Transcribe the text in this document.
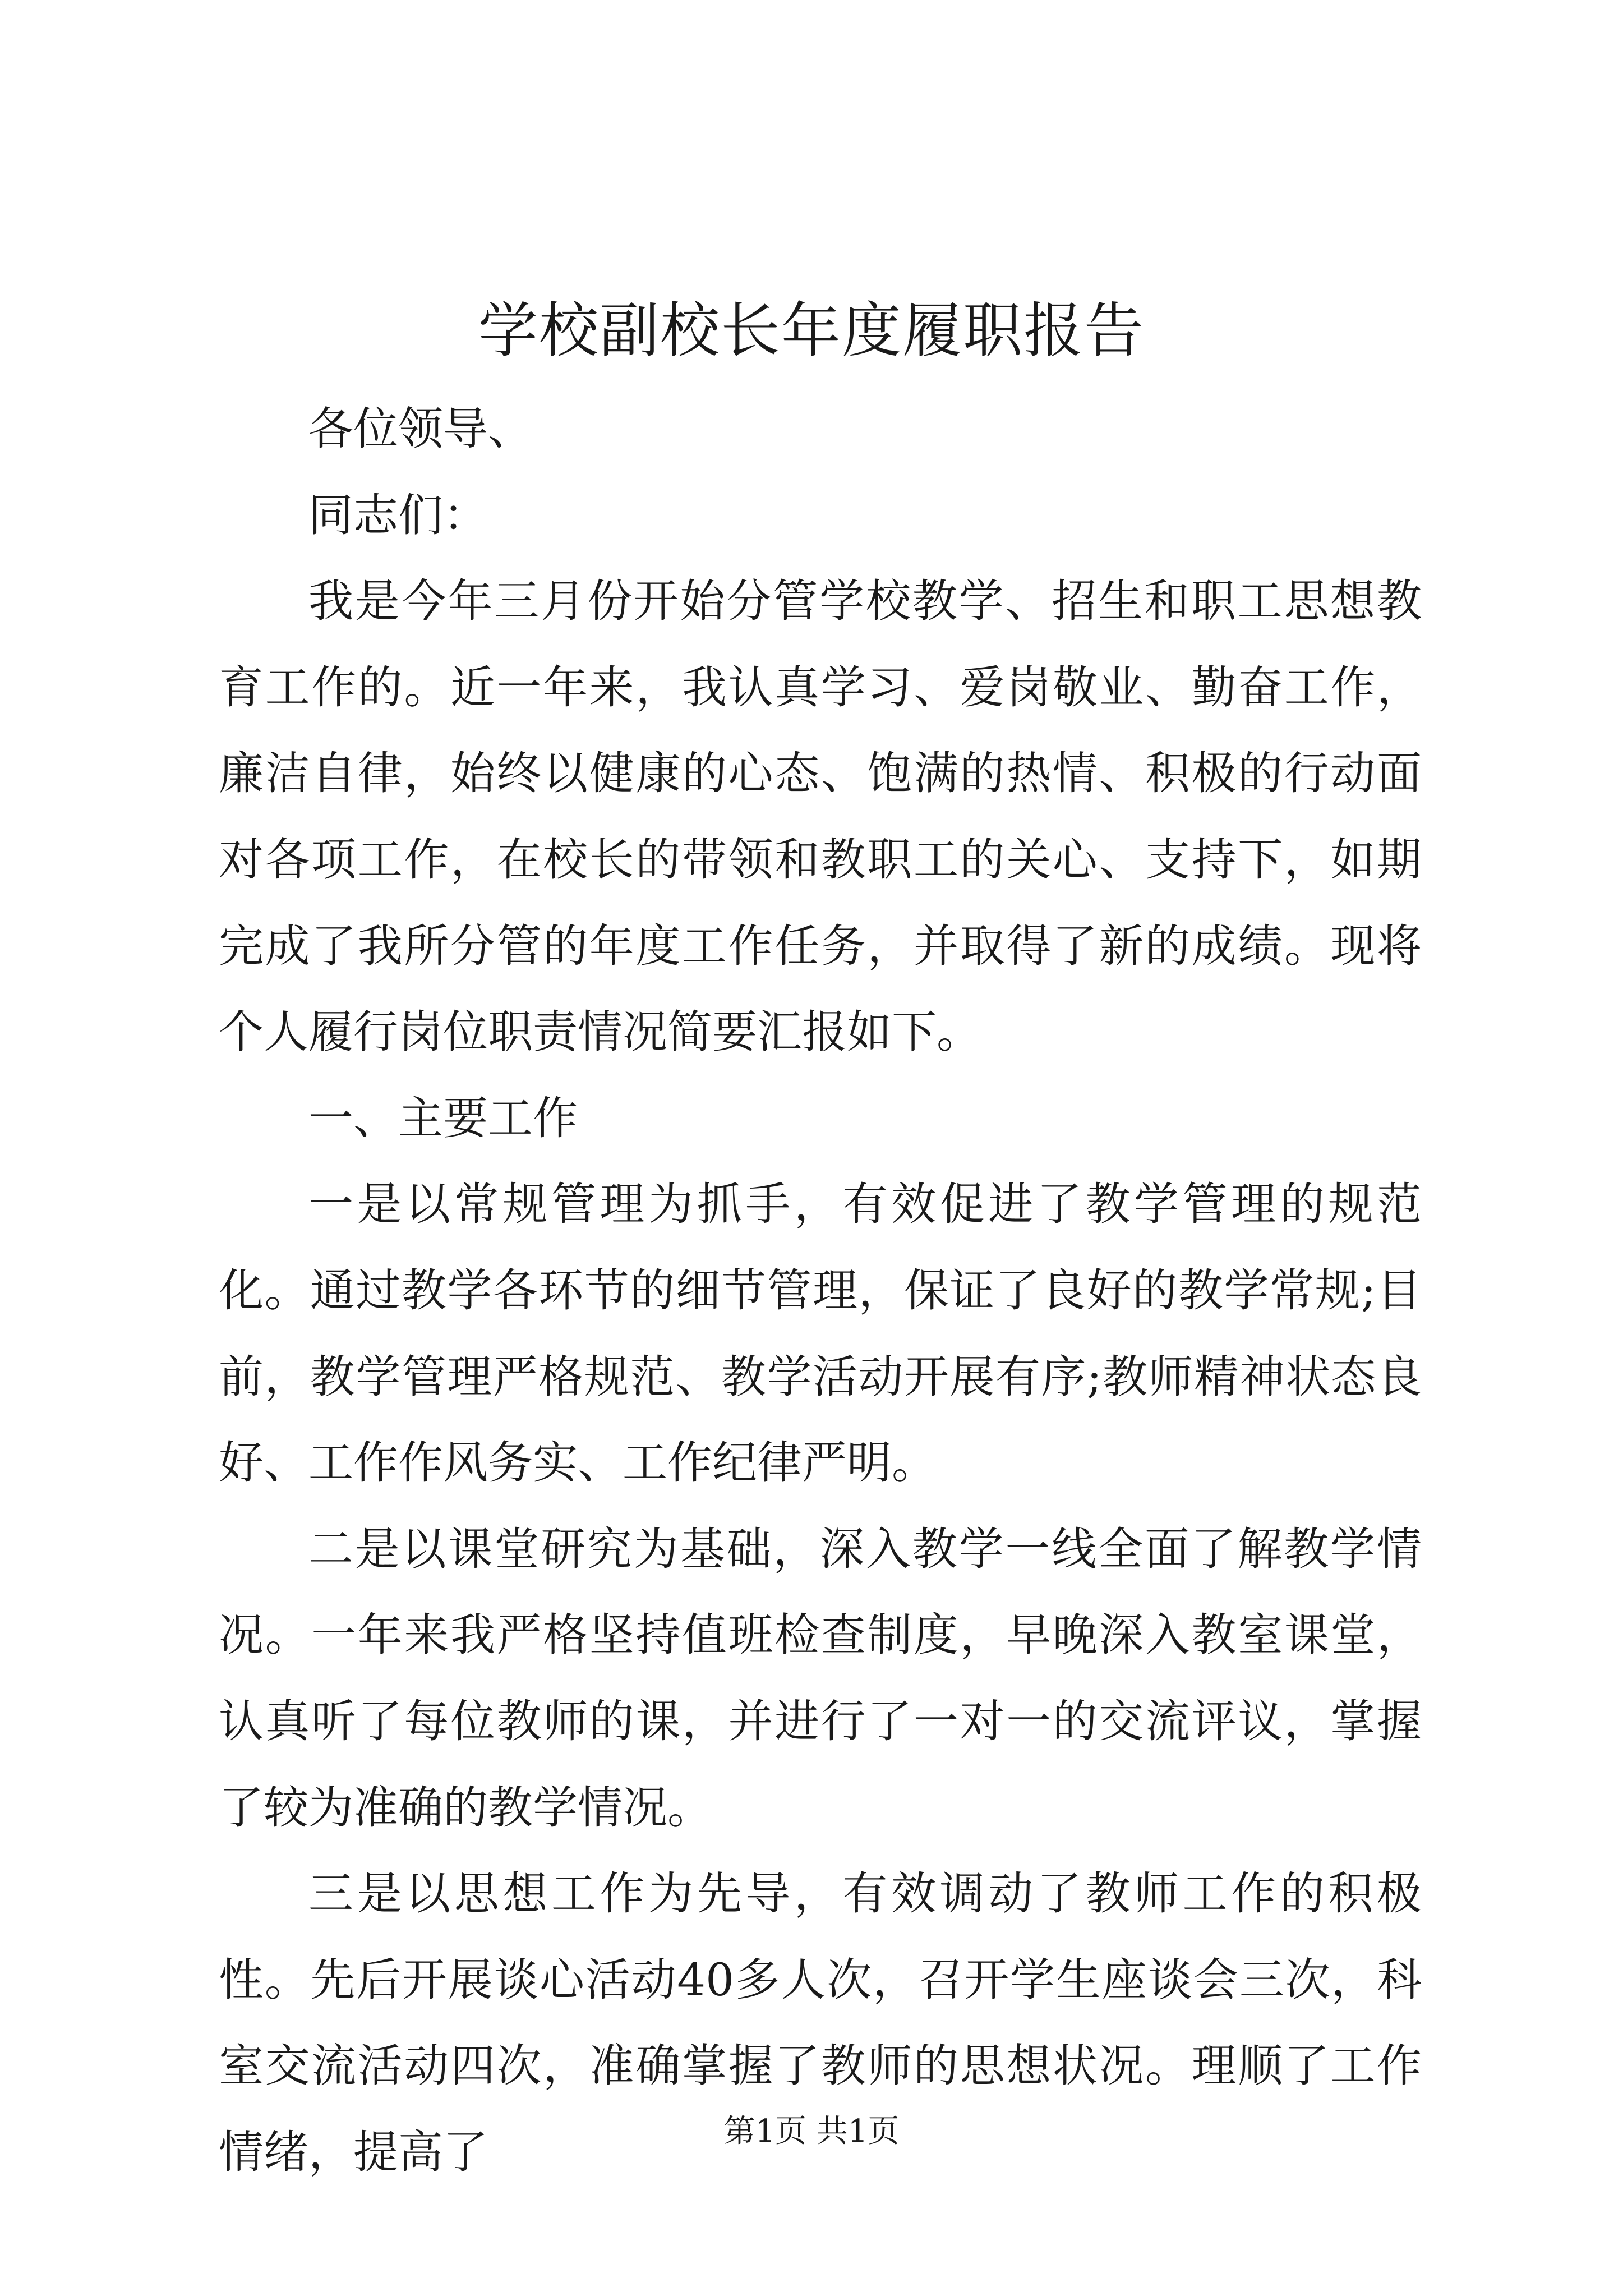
学校副校长年度履职报告

各位领导、

同志们：

我是今年三月份开始分管学校教学、招生和职工思想教育工作的。近一年来，我认真学习、爱岗敬业、勤奋工作，廉洁自律，始终以健康的心态、饱满的热情、积极的行动面对各项工作，在校长的带领和教职工的关心、支持下，如期完成了我所分管的年度工作任务，并取得了新的成绩。现将个人履行岗位职责情况简要汇报如下。

一、主要工作

一是以常规管理为抓手，有效促进了教学管理的规范化。通过教学各环节的细节管理，保证了良好的教学常规;目前，教学管理严格规范、教学活动开展有序;教师精神状态良好、工作作风务实、工作纪律严明。

二是以课堂研究为基础，深入教学一线全面了解教学情况。一年来我严格坚持值班检查制度，早晚深入教室课堂，认真听了每位教师的课，并进行了一对一的交流评议，掌握了较为准确的教学情况。

三是以思想工作为先导，有效调动了教师工作的积极性。先后开展谈心活动40多人次，召开学生座谈会三次，科室交流活动四次，准确掌握了教师的思想状况。理顺了工作情绪，提高了	第1页 共1页
